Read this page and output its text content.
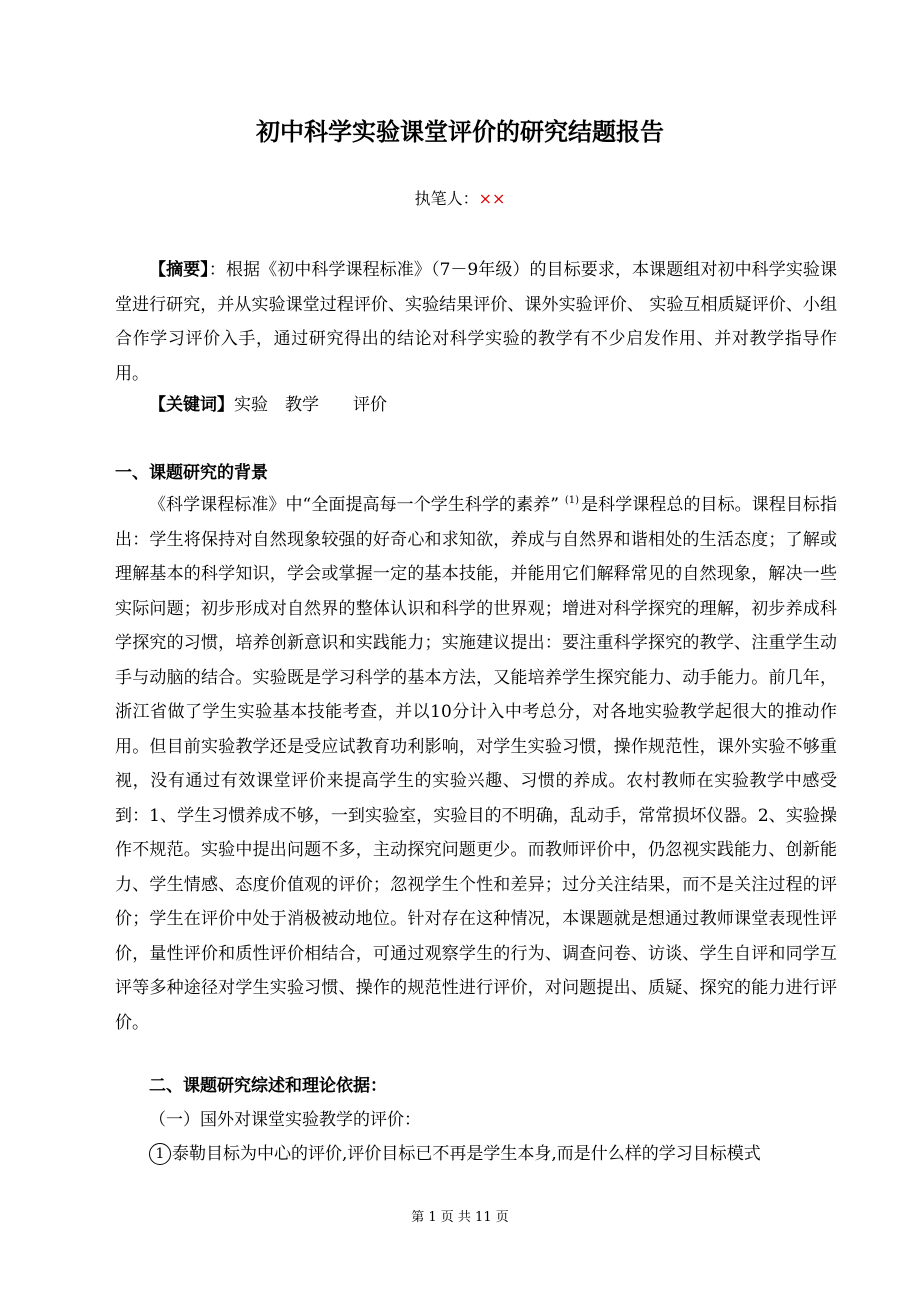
初中科学实验课堂评价的研究结题报告
执笔人：××
【摘要】：根据《初中科学课程标准》（7－9年级）的目标要求，本课题组对初中科学实验课堂进行研究，并从实验课堂过程评价、实验结果评价、课外实验评价、 实验互相质疑评价、小组合作学习评价入手，通过研究得出的结论对科学实验的教学有不少启发作用、并对教学指导作用。
【关键词】实验　教学　　评价
一、课题研究的背景
《科学课程标准》中“全面提高每一个学生科学的素养” $^{(1)}$ 是科学课程总的目标。课程目标指出：学生将保持对自然现象较强的好奇心和求知欲，养成与自然界和谐相处的生活态度；了解或理解基本的科学知识，学会或掌握一定的基本技能，并能用它们解释常见的自然现象，解决一些实际问题；初步形成对自然界的整体认识和科学的世界观；增进对科学探究的理解，初步养成科学探究的习惯，培养创新意识和实践能力；实施建议提出：要注重科学探究的教学、注重学生动手与动脑的结合。实验既是学习科学的基本方法，又能培养学生探究能力、动手能力。前几年，浙江省做了学生实验基本技能考查，并以10分计入中考总分，对各地实验教学起很大的推动作用。但目前实验教学还是受应试教育功利影响，对学生实验习惯，操作规范性，课外实验不够重视，没有通过有效课堂评价来提高学生的实验兴趣、习惯的养成。农村教师在实验教学中感受到：1、学生习惯养成不够，一到实验室，实验目的不明确，乱动手，常常损坏仪器。2、实验操作不规范。实验中提出问题不多，主动探究问题更少。而教师评价中，仍忽视实践能力、创新能力、学生情感、态度价值观的评价；忽视学生个性和差异；过分关注结果，而不是关注过程的评价；学生在评价中处于消极被动地位。针对存在这种情况，本课题就是想通过教师课堂表现性评价，量性评价和质性评价相结合，可通过观察学生的行为、调查问卷、访谈、学生自评和同学互评等多种途径对学生实验习惯、操作的规范性进行评价，对问题提出、质疑、探究的能力进行评价。
二、课题研究综述和理论依据：
（一）国外对课堂实验教学的评价：
1 泰勒目标为中心的评价,评价目标已不再是学生本身,而是什么样的学习目标模式
第 1 页 共 11 页
